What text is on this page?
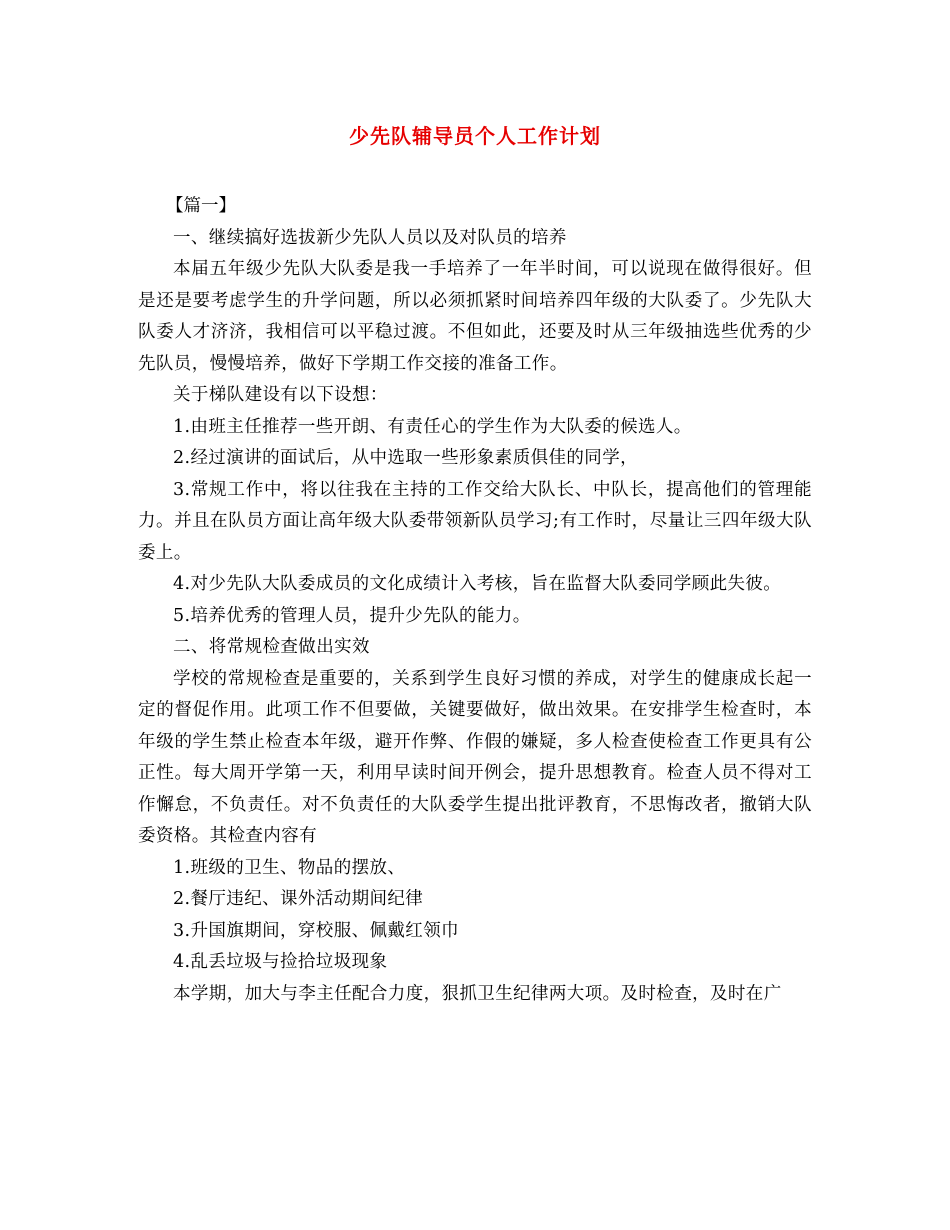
少先队辅导员个人工作计划

【篇一】

一、继续搞好选拔新少先队人员以及对队员的培养

本届五年级少先队大队委是我一手培养了一年半时间，可以说现在做得很好。但是还是要考虑学生的升学问题，所以必须抓紧时间培养四年级的大队委了。少先队大队委人才济济，我相信可以平稳过渡。不但如此，还要及时从三年级抽选些优秀的少先队员，慢慢培养，做好下学期工作交接的准备工作。

关于梯队建设有以下设想：

1.由班主任推荐一些开朗、有责任心的学生作为大队委的候选人。

2.经过演讲的面试后，从中选取一些形象素质俱佳的同学，

3.常规工作中，将以往我在主持的工作交给大队长、中队长，提高他们的管理能力。并且在队员方面让高年级大队委带领新队员学习;有工作时，尽量让三四年级大队委上。

4.对少先队大队委成员的文化成绩计入考核，旨在监督大队委同学顾此失彼。

5.培养优秀的管理人员，提升少先队的能力。

二、将常规检查做出实效

学校的常规检查是重要的，关系到学生良好习惯的养成，对学生的健康成长起一定的督促作用。此项工作不但要做，关键要做好，做出效果。在安排学生检查时，本年级的学生禁止检查本年级，避开作弊、作假的嫌疑，多人检查使检查工作更具有公正性。每大周开学第一天，利用早读时间开例会，提升思想教育。检查人员不得对工作懈怠，不负责任。对不负责任的大队委学生提出批评教育，不思悔改者，撤销大队委资格。其检查内容有

1.班级的卫生、物品的摆放、

2.餐厅违纪、课外活动期间纪律

3.升国旗期间，穿校服、佩戴红领巾

4.乱丢垃圾与捡拾垃圾现象

本学期，加大与李主任配合力度，狠抓卫生纪律两大项。及时检查，及时在广
